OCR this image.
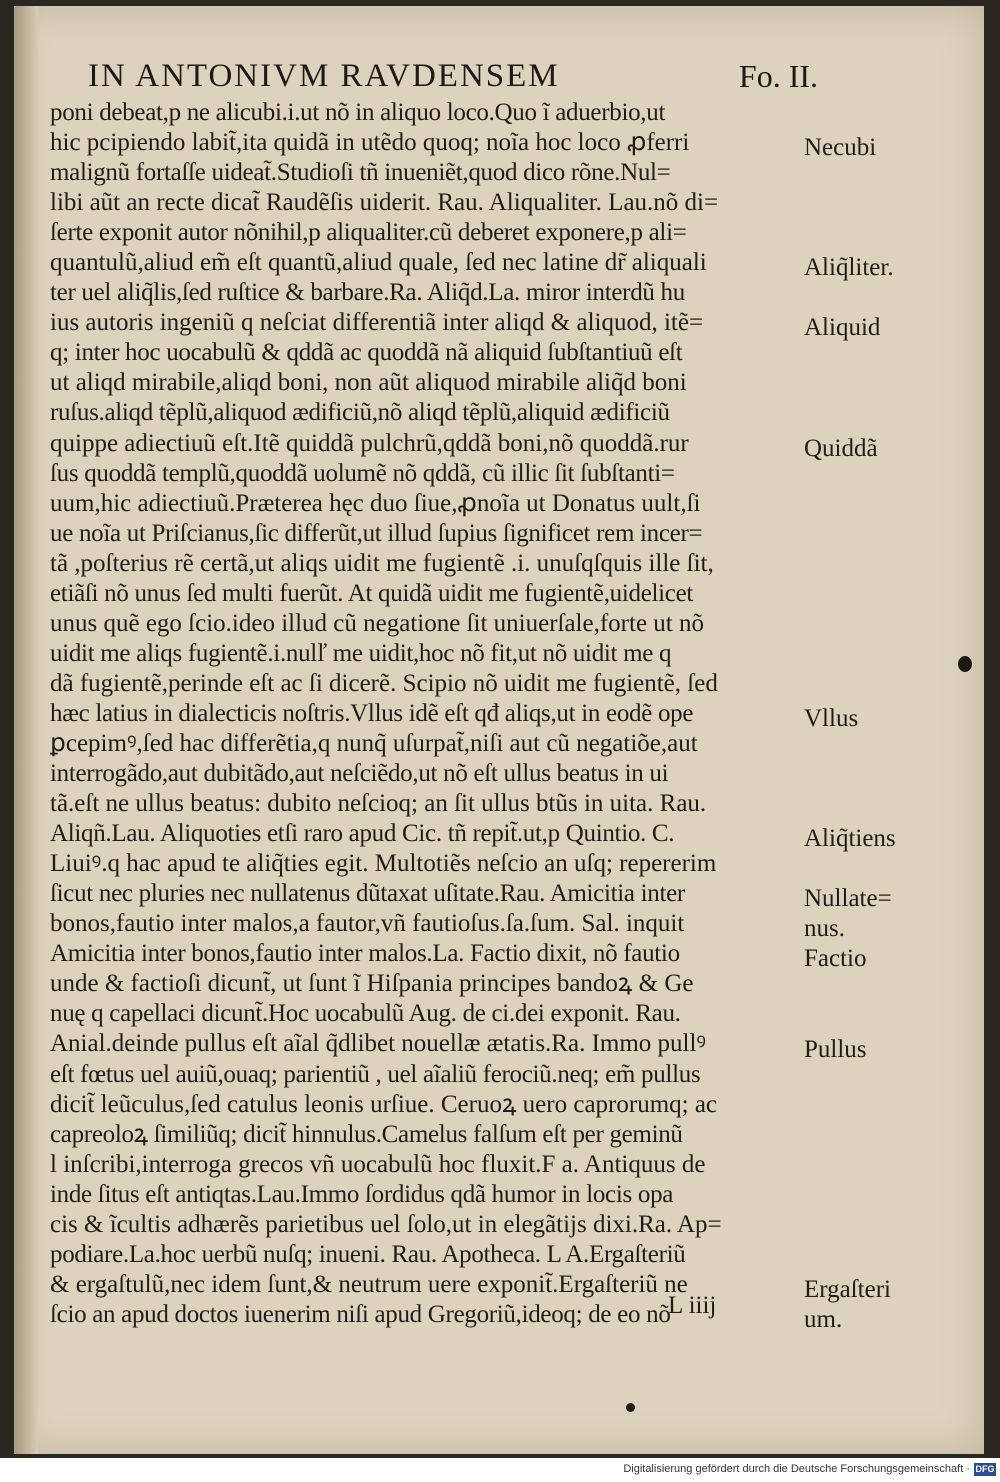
IN ANTONIVM RAVDENSEM	Fo. II.
poni debeat,p ne alicubi.i.ut nõ in aliquo loco.Quo ĩ aduerbio,ut
hic pcipiendo labit̃,ita quidã in utẽdo quoq; noĩa hoc loco ꝓferri
malignũ fortaſſe uideat̃.Studioſi tñ inueniẽt,quod dico rõne.Nul=
libi aũt an recte dicat̃ Raudẽſis uiderit. Rau. Aliqualiter. Lau.nõ di=
ſerte exponit autor nõnihil,p aliqualiter.cũ deberet exponere,p ali=
quantulũ,aliud em̃ eſt quantũ,aliud quale, ſed nec latine dr̃ aliquali
ter uel aliq̃lis,ſed ruſtice & barbare.Ra. Aliq̃d.La. miror interdũ hu
ius autoris ingeniũ q neſciat differentiã inter aliqd & aliquod, itẽ=
q; inter hoc uocabulũ & qddã ac quoddã nã aliquid ſubſtantiuũ eſt
ut aliqd mirabile,aliqd boni, non aũt aliquod mirabile aliq̃d boni
ruſus.aliqd tẽplũ,aliquod ædificiũ,nõ aliqd tẽplũ,aliquid ædificiũ
quippe adiectiuũ eſt.Itẽ quiddã pulchrũ,qddã boni,nõ quoddã.rur
ſus quoddã templũ,quoddã uolumẽ nõ qddã, cũ illic ſit ſubſtanti=
uum,hic adiectiuũ.Præterea hęc duo ſiue,ꝓnoĩa ut Donatus uult,ſi
ue noĩa ut Priſcianus,ſic differũt,ut illud ſupius ſignificet rem incer=
tã ,poſterius rẽ certã,ut aliqs uidit me fugientẽ .i. unuſqſquis ille ſit,
etiãſi nõ unus ſed multi fuerũt. At quidã uidit me fugientẽ,uidelicet
unus quẽ ego ſcio.ideo illud cũ negatione ſit uniuerſale,forte ut nõ
uidit me aliqs fugientẽ.i.nulľ me uidit,hoc nõ fit,ut nõ uidit me q
dã fugientẽ,perinde eſt ac ſi dicerẽ. Scipio nõ uidit me fugientẽ, ſed
hæc latius in dialecticis noſtris.Vllus idẽ eſt qđ aliqs,ut in eodẽ ope
ꝑcepimꝰ,ſed hac differẽtia,q nunq̃ uſurpat̃,niſi aut cũ negatiõe,aut
interrogãdo,aut dubitãdo,aut neſciẽdo,ut nõ eſt ullus beatus in ui
tã.eſt ne ullus beatus: dubito neſcioq; an ſit ullus btũs in uita. Rau.
Aliqñ.Lau. Aliquoties etſi raro apud Cic. tñ repit̃.ut,p Quintio. C.
Liuiꝰ.q hac apud te aliq̃ties egit. Multotiẽs neſcio an uſq; repererim
ſicut nec pluries nec nullatenus dũtaxat uſitate.Rau. Amicitia inter
bonos,fautio inter malos,a fautor,vñ fautioſus.ſa.ſum. Sal. inquit
Amicitia inter bonos,fautio inter malos.La. Factio dixit, nõ fautio
unde & factioſi dicunt̃, ut ſunt ĩ Hiſpania principes bandoꝝ & Ge
nuę q capellaci dicunt̃.Hoc uocabulũ Aug. de ci.dei exponit. Rau.
Anial.deinde pullus eſt aĩal q̃dlibet nouellæ ætatis.Ra. Immo pullꝰ
eſt fœtus uel auiũ,ouaq; parientiũ , uel aĩaliũ ferociũ.neq; em̃ pullus
dicit̃ leũculus,ſed catulus leonis urſiue. Ceruoꝝ uero caprorumq; ac
capreoloꝝ ſimiliũq; dicit̃ hinnulus.Camelus falſum eſt per geminũ
l inſcribi,interroga grecos vñ uocabulũ hoc fluxit.F a. Antiquus de
inde ſitus eſt antiqtas.Lau.Immo ſordidus qdã humor in locis opa
cis & ĩcultis adhærẽs parietibus uel ſolo,ut in elegãtijs dixi.Ra. Ap=
podiare.La.hoc uerbũ nuſq; inueni. Rau. Apotheca. L A.Ergaſteriũ
& ergaſtulũ,nec idem ſunt,& neutrum uere exponit̃.Ergaſteriũ ne
ſcio an apud doctos iuenerim niſi apud Gregoriũ,ideoq; de eo nõ
Necubi
Aliq̃liter.
Aliquid
Quiddã
Vllus
Aliq̃tiens
Nullate=
nus.
Factio
Pullus
Ergaſteri
um.
L iiij
Digitalisierung gefördert durch die Deutsche Forschungsgemeinschaft · DFG
